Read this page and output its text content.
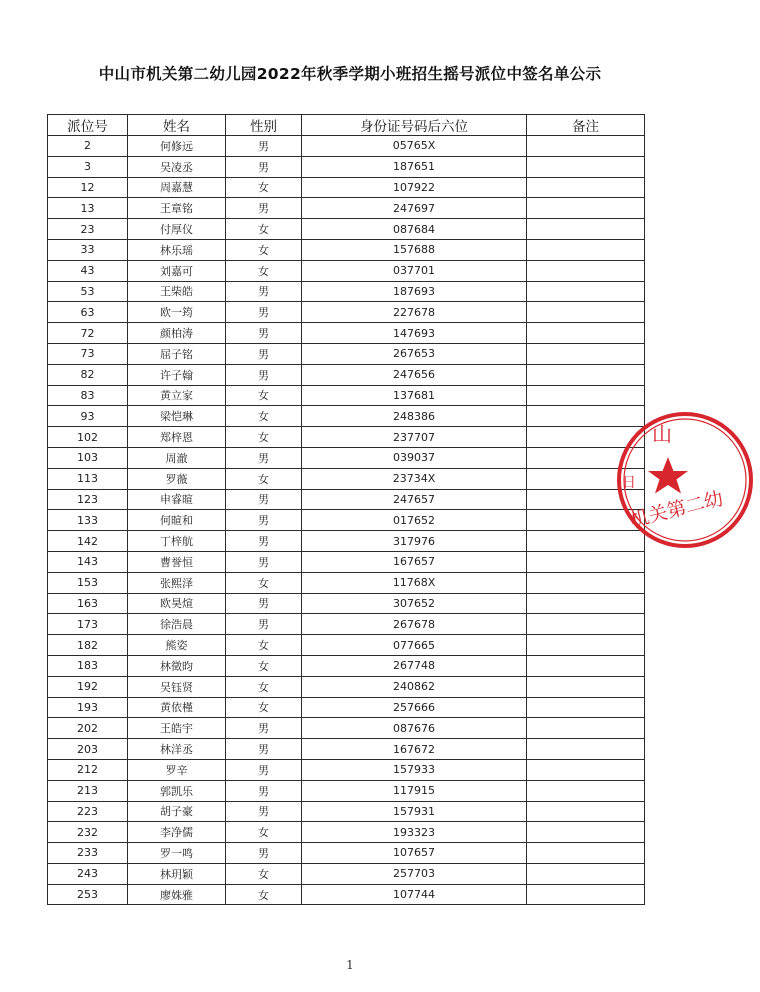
中山市机关第二幼儿园2022年秋季学期小班招生摇号派位中签名单公示
派位号	姓名	性别	身份证号码后六位	备注
2	何修远	男	05765X	
3	吴凌丞	男	187651	
12	周嘉慧	女	107922	
13	王章铭	男	247697	
23	付厚仪	女	087684	
33	林乐瑶	女	157688	
43	刘嘉可	女	037701	
53	王柴皓	男	187693	
63	欧一筠	男	227678	
72	颜柏涛	男	147693	
73	屈子铭	男	267653	
82	许子翰	男	247656	
83	黄立家	女	137681	
93	梁恺琳	女	248386	
102	郑梓恩	女	237707	
103	周澈	男	039037	
113	罗薇	女	23734X	
123	申睿暄	男	247657	
133	何暄和	男	017652	
142	丁梓航	男	317976	
143	曹誉恒	男	167657	
153	张熙泽	女	11768X	
163	欧昊煊	男	307652	
173	徐浩晨	男	267678	
182	熊姿	女	077665	
183	林徵昀	女	267748	
192	吴钰贤	女	240862	
193	黄依槿	女	257666	
202	王皓宇	男	087676	
203	林洋丞	男	167672	
212	罗辛	男	157933	
213	郭凯乐	男	117915	
223	胡子豪	男	157931	
232	李净儒	女	193323	
233	罗一鸣	男	107657	
243	林玥颖	女	257703	
253	廖姝雅	女	107744	
山
日
机关第二幼
1
